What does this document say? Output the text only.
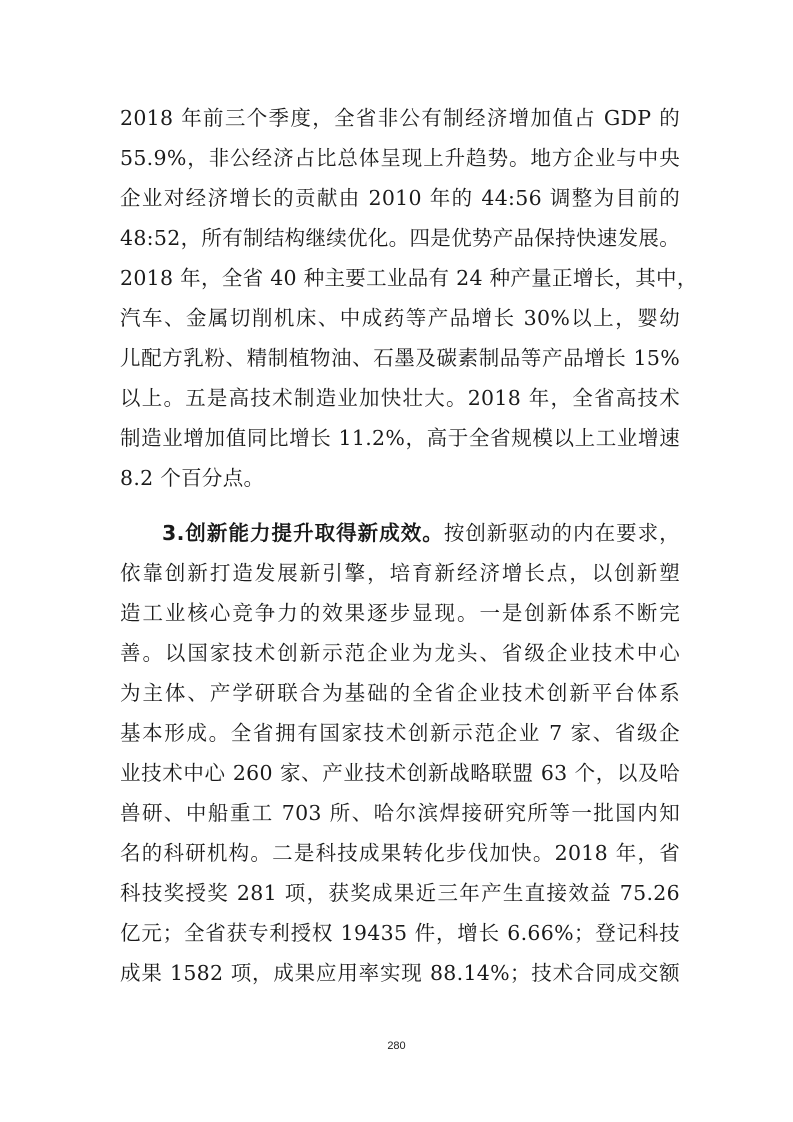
2018 年前三个季度，全省非公有制经济增加值占 GDP 的
55.9%，非公经济占比总体呈现上升趋势。地方企业与中央
企业对经济增长的贡献由 2010 年的 44:56 调整为目前的
48:52，所有制结构继续优化。四是优势产品保持快速发展。
2018 年，全省 40 种主要工业品有 24 种产量正增长，其中，
汽车、金属切削机床、中成药等产品增长 30%以上，婴幼
儿配方乳粉、精制植物油、石墨及碳素制品等产品增长 15%
以上。五是高技术制造业加快壮大。2018 年，全省高技术
制造业增加值同比增长 11.2%，高于全省规模以上工业增速
8.2 个百分点。
3.创新能力提升取得新成效。按创新驱动的内在要求，
依靠创新打造发展新引擎，培育新经济增长点，以创新塑
造工业核心竞争力的效果逐步显现。一是创新体系不断完
善。以国家技术创新示范企业为龙头、省级企业技术中心
为主体、产学研联合为基础的全省企业技术创新平台体系
基本形成。全省拥有国家技术创新示范企业 7 家、省级企
业技术中心 260 家、产业技术创新战略联盟 63 个，以及哈
兽研、中船重工 703 所、哈尔滨焊接研究所等一批国内知
名的科研机构。二是科技成果转化步伐加快。2018 年，省
科技奖授奖 281 项，获奖成果近三年产生直接效益 75.26
亿元；全省获专利授权 19435 件，增长 6.66%；登记科技
成果 1582 项，成果应用率实现 88.14%；技术合同成交额
280
